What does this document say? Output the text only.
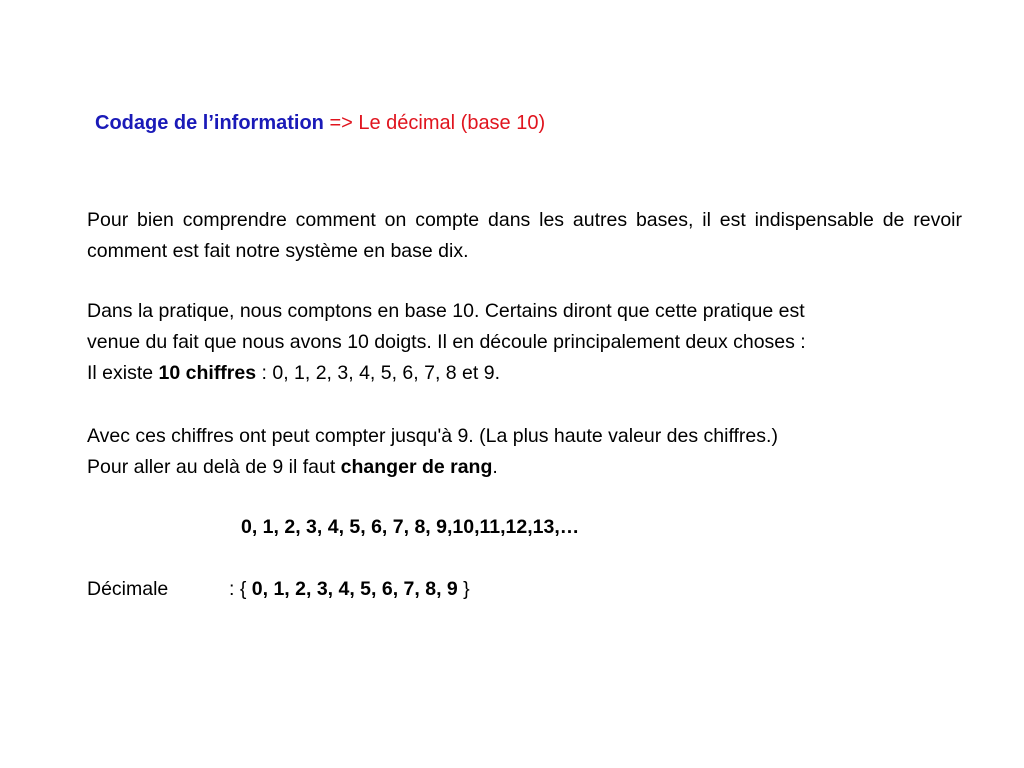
Codage de l’information => Le décimal (base 10)
Pour bien comprendre comment on compte dans les autres bases, il est indispensable de revoir comment est fait notre système en base dix.
Dans la pratique, nous comptons en base 10. Certains diront que cette pratique est
venue du fait que nous avons 10 doigts. Il en découle principalement deux choses :
Il existe 10 chiffres : 0, 1, 2, 3, 4, 5, 6, 7, 8 et 9.
Avec ces chiffres ont peut compter jusqu'à 9. (La plus haute valeur des chiffres.)
Pour aller au delà de 9 il faut changer de rang.
0, 1, 2, 3, 4, 5, 6, 7, 8, 9,10,11,12,13,…
Décimale	: { 0, 1, 2, 3, 4, 5, 6, 7, 8, 9 }
